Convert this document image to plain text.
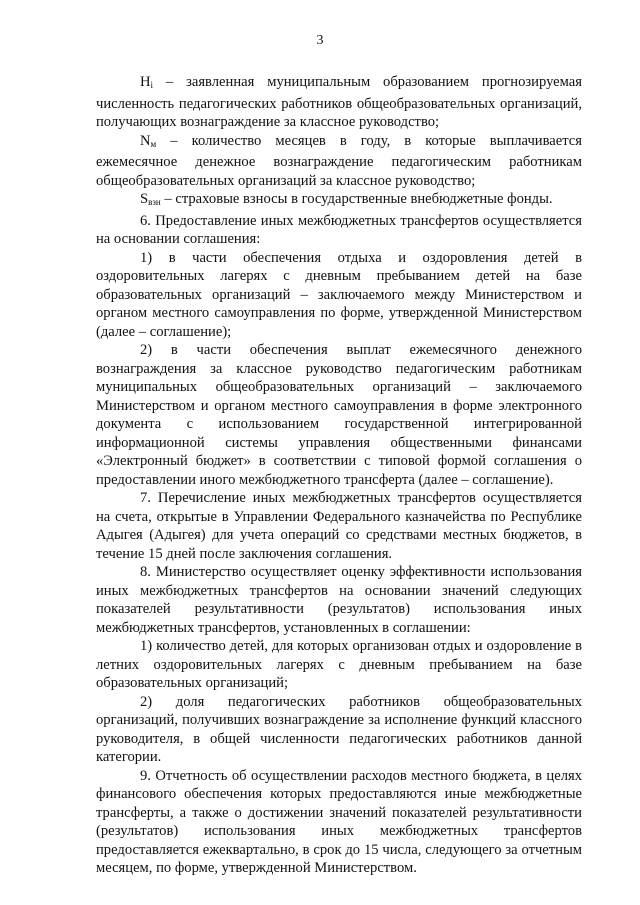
3

$Н_i$ – заявленная муниципальным образованием прогнозируемая численность педагогических работников общеобразовательных организаций, получающих вознаграждение за классное руководство;

$N_м$ – количество месяцев в году, в которые выплачивается ежемесячное денежное вознаграждение педагогическим работникам общеобразовательных организаций за классное руководство;

$S_{взн}$ – страховые взносы в государственные внебюджетные фонды.

6. Предоставление иных межбюджетных трансфертов осуществляется на основании соглашения:

1) в части обеспечения отдыха и оздоровления детей в оздоровительных лагерях с дневным пребыванием детей на базе образовательных организаций – заключаемого между Министерством и органом местного самоуправления по форме, утвержденной Министерством (далее – соглашение);

2) в части обеспечения выплат ежемесячного денежного вознаграждения за классное руководство педагогическим работникам муниципальных общеобразовательных организаций – заключаемого Министерством и органом местного самоуправления в форме электронного документа с использованием государственной интегрированной информационной системы управления общественными финансами «Электронный бюджет» в соответствии с типовой формой соглашения о предоставлении иного межбюджетного трансферта (далее – соглашение).

7. Перечисление иных межбюджетных трансфертов осуществляется на счета, открытые в Управлении Федерального казначейства по Республике Адыгея (Адыгея) для учета операций со средствами местных бюджетов, в течение 15 дней после заключения соглашения.

8. Министерство осуществляет оценку эффективности использования иных межбюджетных трансфертов на основании значений следующих показателей результативности (результатов) использования иных межбюджетных трансфертов, установленных в соглашении:

1) количество детей, для которых организован отдых и оздоровление в летних оздоровительных лагерях с дневным пребыванием на базе образовательных организаций;

2) доля педагогических работников общеобразовательных организаций, получивших вознаграждение за исполнение функций классного руководителя, в общей численности педагогических работников данной категории.

9. Отчетность об осуществлении расходов местного бюджета, в целях финансового обеспечения которых предоставляются иные межбюджетные трансферты, а также о достижении значений показателей результативности (результатов) использования иных межбюджетных трансфертов предоставляется ежеквартально, в срок до 15 числа, следующего за отчетным месяцем, по форме, утвержденной Министерством.
